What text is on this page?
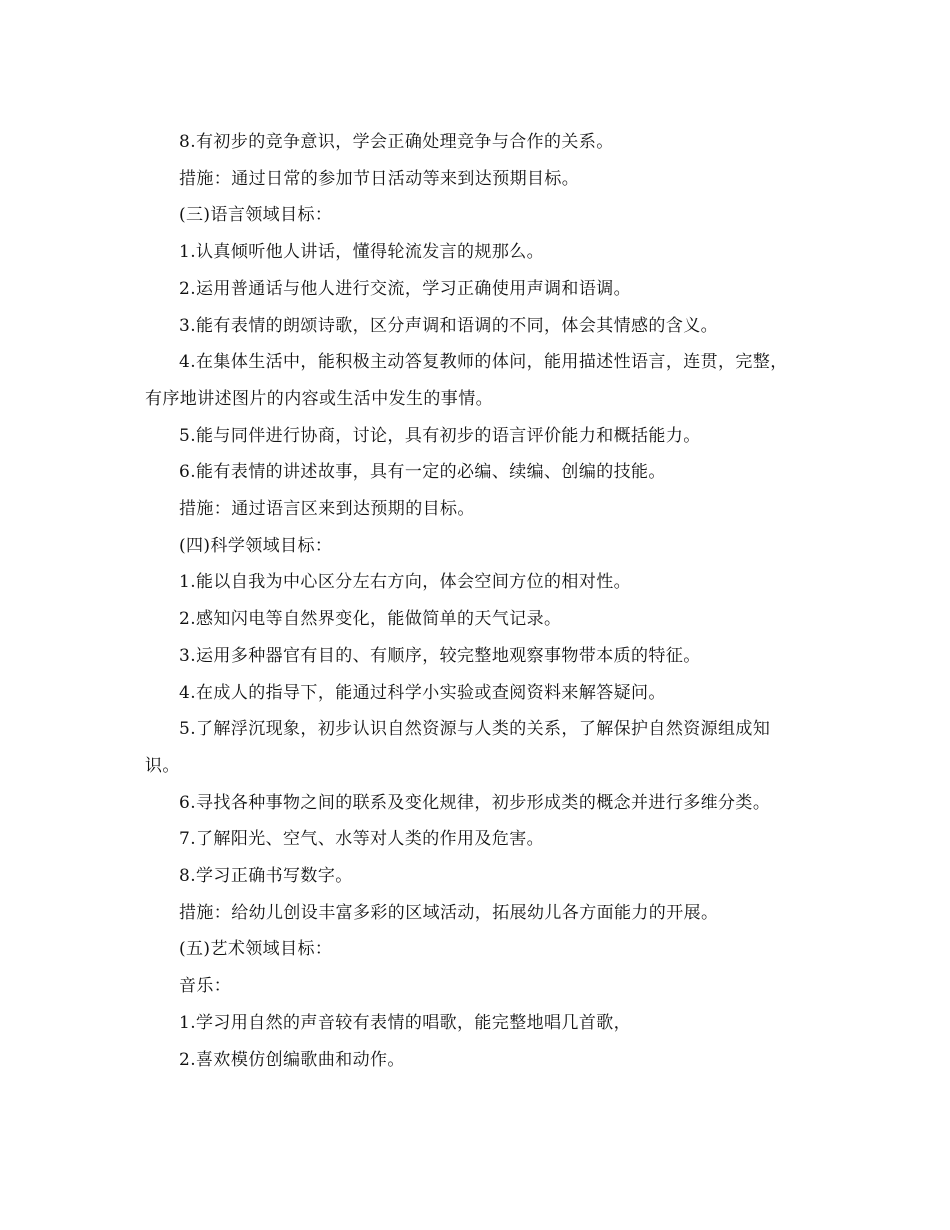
8.有初步的竞争意识，学会正确处理竞争与合作的关系。

措施：通过日常的参加节日活动等来到达预期目标。

(三)语言领域目标：

1.认真倾听他人讲话，懂得轮流发言的规那么。

2.运用普通话与他人进行交流，学习正确使用声调和语调。

3.能有表情的朗颂诗歌，区分声调和语调的不同，体会其情感的含义。

4.在集体生活中，能积极主动答复教师的体问，能用描述性语言，连贯，完整，有序地讲述图片的内容或生活中发生的事情。

5.能与同伴进行协商，讨论，具有初步的语言评价能力和概括能力。

6.能有表情的讲述故事，具有一定的必编、续编、创编的技能。

措施：通过语言区来到达预期的目标。

(四)科学领域目标：

1.能以自我为中心区分左右方向，体会空间方位的相对性。

2.感知闪电等自然界变化，能做简单的天气记录。

3.运用多种器官有目的、有顺序，较完整地观察事物带本质的特征。

4.在成人的指导下，能通过科学小实验或查阅资料来解答疑问。

5.了解浮沉现象，初步认识自然资源与人类的关系，了解保护自然资源组成知识。

6.寻找各种事物之间的联系及变化规律，初步形成类的概念并进行多维分类。

7.了解阳光、空气、水等对人类的作用及危害。

8.学习正确书写数字。

措施：给幼儿创设丰富多彩的区域活动，拓展幼儿各方面能力的开展。

(五)艺术领域目标：

音乐：

1.学习用自然的声音较有表情的唱歌，能完整地唱几首歌，

2.喜欢模仿创编歌曲和动作。
